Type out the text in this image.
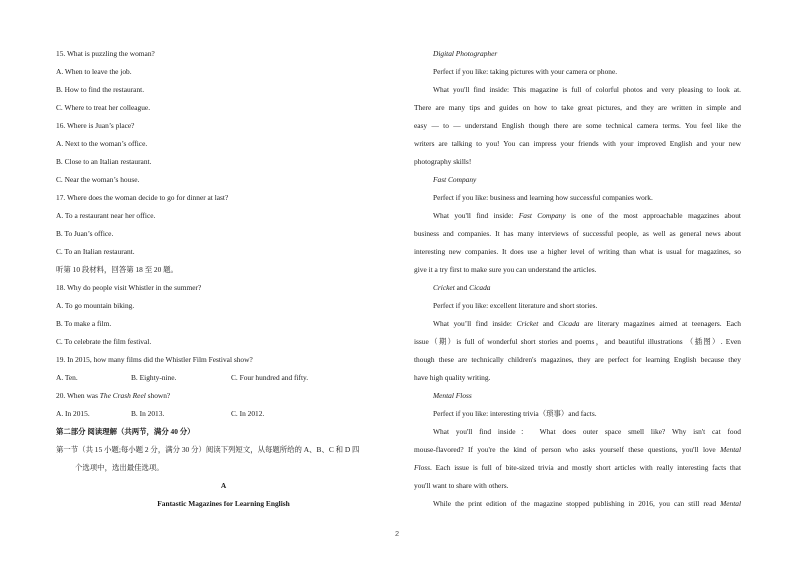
15. What is puzzling the woman?
A. When to leave the job.
B. How to find the restaurant.
C. Where to treat her colleague.
16. Where is Juan’s place?
A. Next to the woman’s office.
B. Close to an Italian restaurant.
C. Near the woman’s house.
17. Where does the woman decide to go for dinner at last?
A. To a restaurant near her office.
B. To Juan’s office.
C. To an Italian restaurant.
听第 10 段材料，回答第 18 至 20 题。
18. Why do people visit Whistler in the summer?
A. To go mountain biking.
B. To make a film.
C. To celebrate the film festival.
19. In 2015, how many films did the Whistler Film Festival show?
A. Ten.	B. Eighty-nine.	C. Four hundred and fifty.
20. When was The Crash Reel shown?
A. In 2015.	B. In 2013.	C. In 2012.
第二部分 阅读理解（共两节，满分 40 分）
第一节（共 15 小题;每小题 2 分，满分 30 分）阅读下列短文，从每题所给的 A、B、C 和 D 四
个选项中，选出最佳选项。
A
Fantastic Magazines for Learning English
Digital Photographer
Perfect if you like: taking pictures with your camera or phone.
What you'll find inside: This magazine is full of colorful photos and very pleasing to look at.
There are many tips and guides on how to take great pictures, and they are written in simple and
easy — to — understand English though there are some technical camera terms. You feel like the
writers are talking to you! You can impress your friends with your improved English and your new
photography skills!
Fast Company
Perfect if you like: business and learning how successful companies work.
What you'll find inside: Fast Company is one of the most approachable magazines about
business and companies. It has many interviews of successful people, as well as general news about
interesting new companies. It does use a higher level of writing than what is usual for magazines, so
give it a try first to make sure you can understand the articles.
Cricket and Cicada
Perfect if you like: excellent literature and short stories.
What you’ll find inside: Cricket and Cicada are literary magazines aimed at teenagers. Each
issue（期）is full of wonderful short stories and poems，and beautiful illustrations （插图）. Even
though these are technically children's magazines, they are perfect for learning English because they
have high quality writing.
Mental Floss
Perfect if you like: interesting trivia（琐事）and facts.
What you'll find inside： What does outer space smell like? Why isn't cat food
mouse-flavored? If you're the kind of person who asks yourself these questions, you'll love Mental
Floss. Each issue is full of bite-sized trivia and mostly short articles with really interesting facts that
you'll want to share with others.
While the print edition of the magazine stopped publishing in 2016, you can still read Mental
2
